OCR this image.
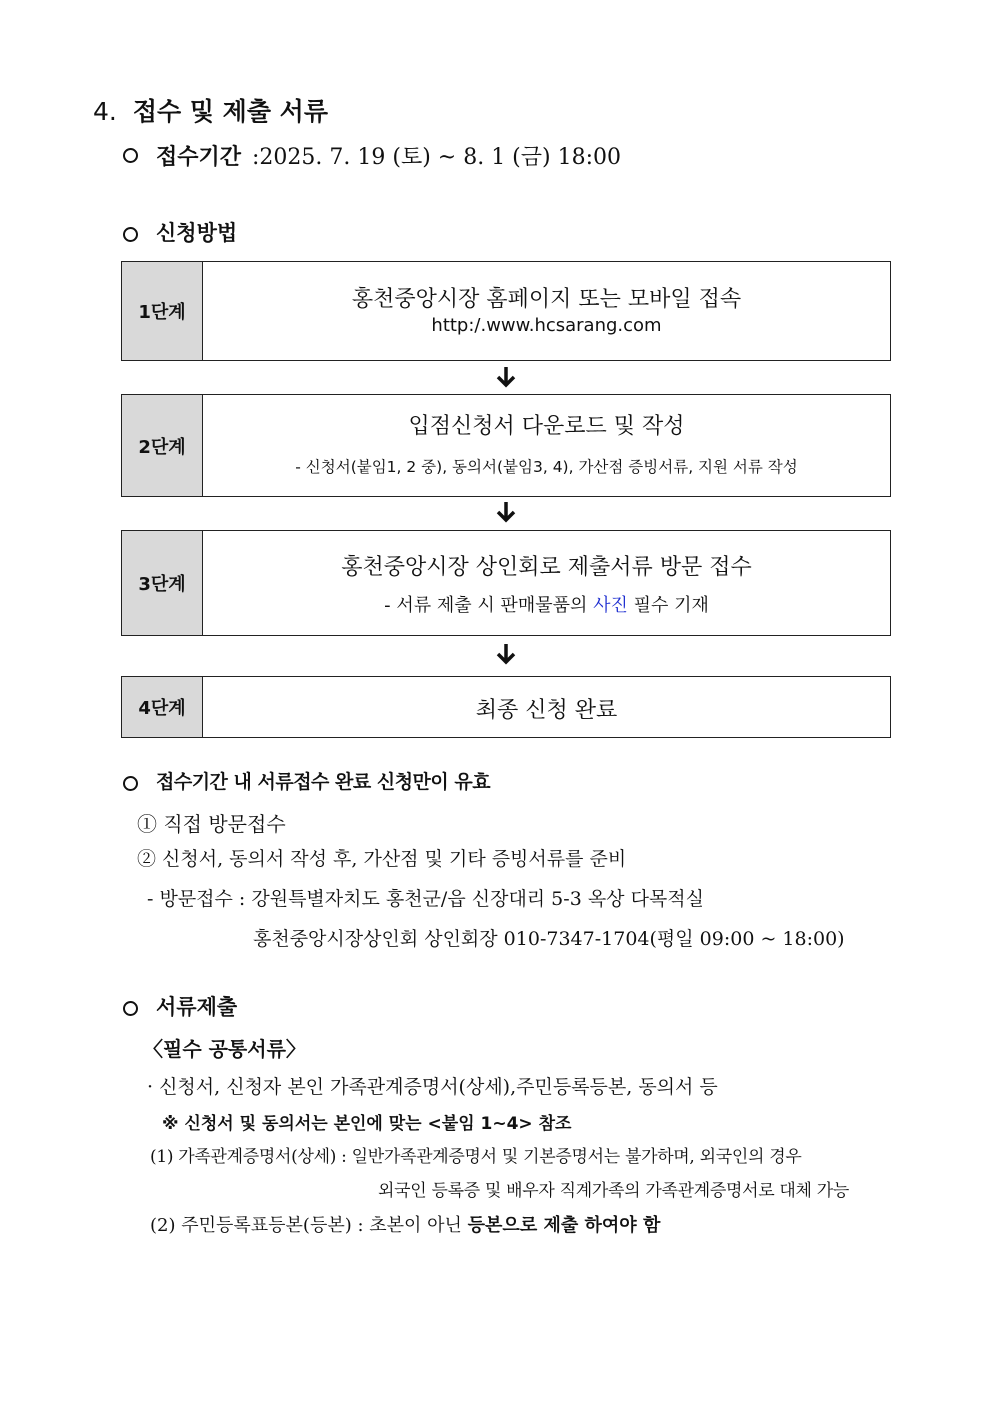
4. 접수 및 제출 서류
접수기간 :2025. 7. 19 (토) ~ 8. 1 (금) 18:00
신청방법
1단계
홍천중앙시장 홈페이지 또는 모바일 접속
http:/.www.hcsarang.com
2단계
입점신청서 다운로드 및 작성
- 신청서(붙임1, 2 중), 동의서(붙임3, 4), 가산점 증빙서류, 지원 서류 작성
3단계
홍천중앙시장 상인회로 제출서류 방문 접수
- 서류 제출 시 판매물품의 사진 필수 기재
4단계	최종 신청 완료
접수기간 내 서류접수 완료 신청만이 유효
① 직접 방문접수
② 신청서, 동의서 작성 후, 가산점 및 기타 증빙서류를 준비
- 방문접수 : 강원특별자치도 홍천군/읍 신장대리 5-3 옥상 다목적실
홍천중앙시장상인회 상인회장 010-7347-1704(평일 09:00 ~ 18:00)
서류제출
〈필수 공통서류〉
· 신청서, 신청자 본인 가족관계증명서(상세),주민등록등본, 동의서 등
※ 신청서 및 동의서는 본인에 맞는 <붙임 1~4> 참조
(1) 가족관계증명서(상세) : 일반가족관계증명서 및 기본증명서는 불가하며, 외국인의 경우
외국인 등록증 및 배우자 직계가족의 가족관계증명서로 대체 가능
(2) 주민등록표등본(등본) : 초본이 아닌 등본으로 제출 하여야 함
